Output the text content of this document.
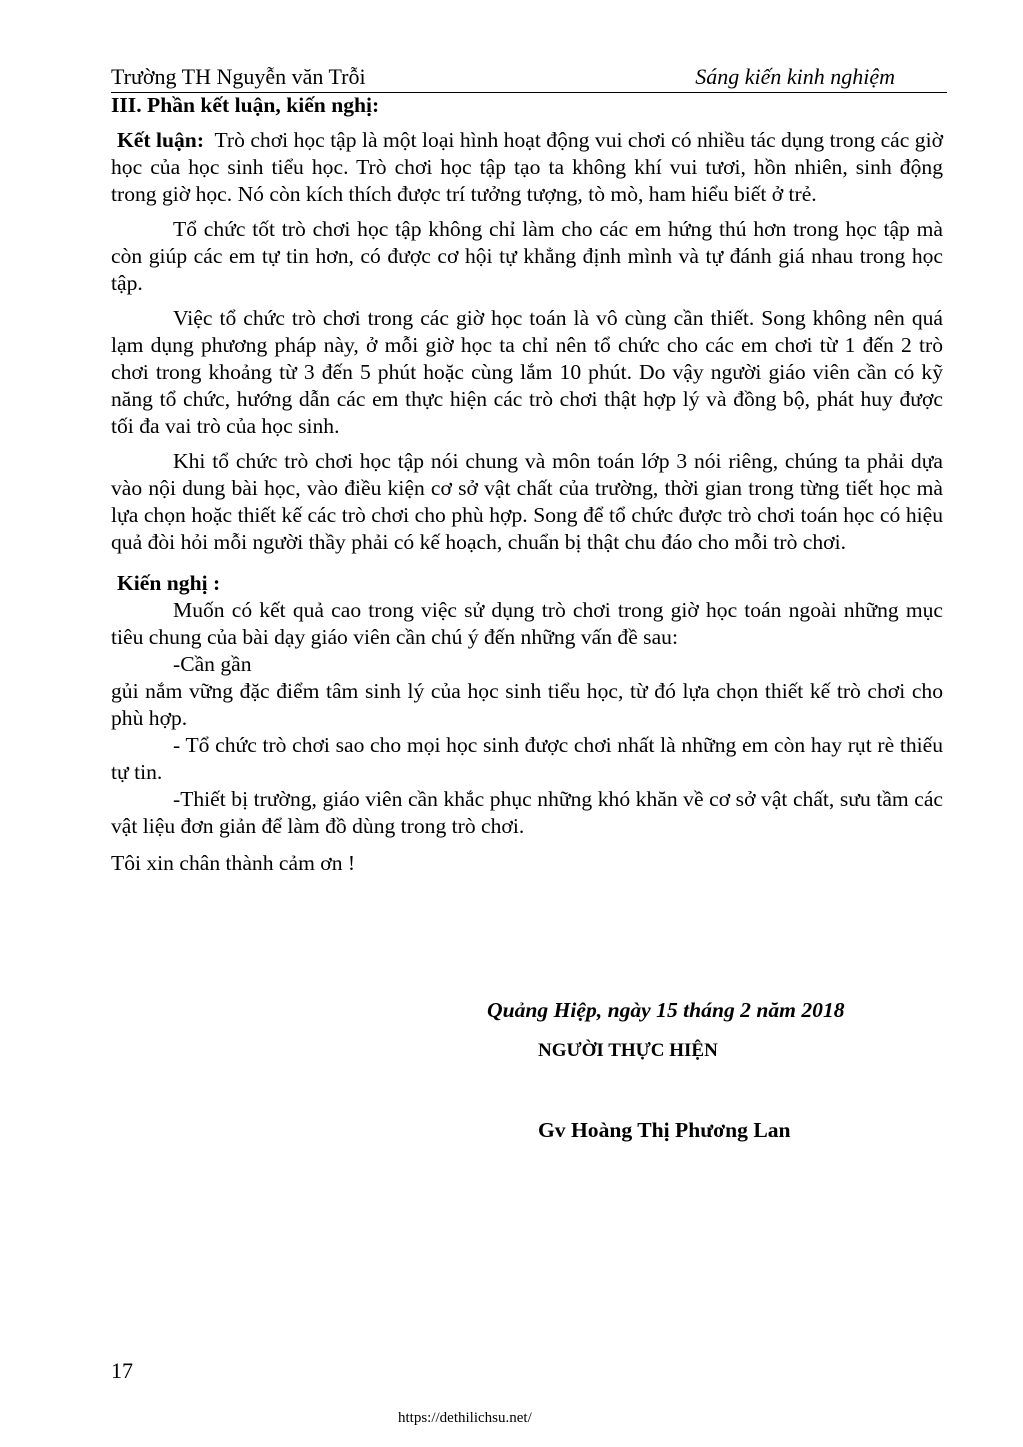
Trường TH Nguyễn văn Trỗi	Sáng kiến kinh nghiệm
III. Phần kết luận, kiến nghị:

Kết luận: Trò chơi học tập là một loại hình hoạt động vui chơi có nhiều tác dụng trong các giờ học của học sinh tiểu học. Trò chơi học tập tạo ta không khí vui tươi, hồn nhiên, sinh động trong giờ học. Nó còn kích thích được trí tưởng tượng, tò mò, ham hiểu biết ở trẻ.

Tổ chức tốt trò chơi học tập không chỉ làm cho các em hứng thú hơn trong học tập mà còn giúp các em tự tin hơn, có được cơ hội tự khẳng định mình và tự đánh giá nhau trong học tập.

Việc tổ chức trò chơi trong các giờ học toán là vô cùng cần thiết. Song không nên quá lạm dụng phương pháp này, ở mỗi giờ học ta chỉ nên tổ chức cho các em chơi từ 1 đến 2 trò chơi trong khoảng từ 3 đến 5 phút hoặc cùng lắm 10 phút. Do vậy người giáo viên cần có kỹ năng tổ chức, hướng dẫn các em thực hiện các trò chơi thật hợp lý và đồng bộ, phát huy được tối đa vai trò của học sinh.

Khi tổ chức trò chơi học tập nói chung và môn toán lớp 3 nói riêng, chúng ta phải dựa vào nội dung bài học, vào điều kiện cơ sở vật chất của trường, thời gian trong từng tiết học mà lựa chọn hoặc thiết kế các trò chơi cho phù hợp. Song để tổ chức được trò chơi toán học có hiệu quả đòi hỏi mỗi người thầy phải có kế hoạch, chuẩn bị thật chu đáo cho mỗi trò chơi.

Kiến nghị :

Muốn có kết quả cao trong việc sử dụng trò chơi trong giờ học toán ngoài những mục tiêu chung của bài dạy giáo viên cần chú ý đến những vấn đề sau:

-Cần gần

gủi nắm vững đặc điểm tâm sinh lý của học sinh tiểu học, từ đó lựa chọn thiết kế trò chơi cho phù hợp.

- Tổ chức trò chơi sao cho mọi học sinh được chơi nhất là những em còn hay rụt rè thiếu tự tin.

-Thiết bị trường, giáo viên cần khắc phục những khó khăn về cơ sở vật chất, sưu tầm các vật liệu đơn giản để làm đồ dùng trong trò chơi.

Tôi xin chân thành cảm ơn !

Quảng Hiệp, ngày 15 tháng 2 năm 2018
NGƯỜI THỰC HIỆN
Gv Hoàng Thị Phương Lan
17
https://dethilichsu.net/
